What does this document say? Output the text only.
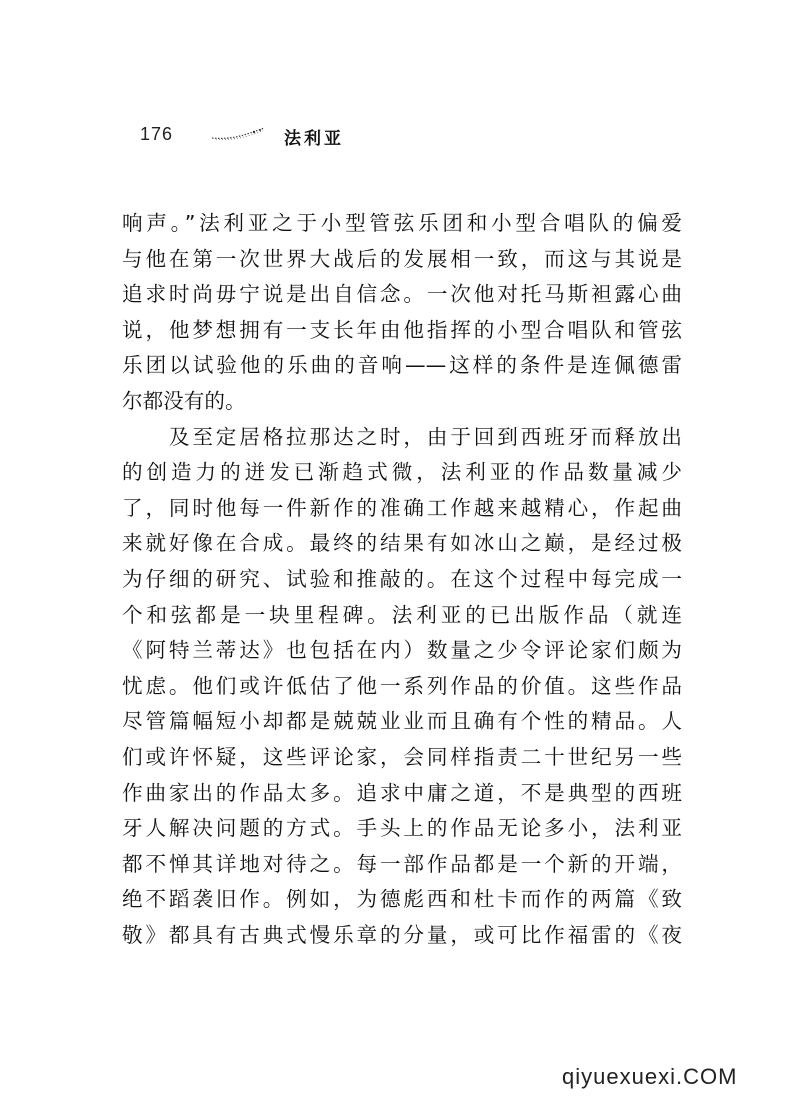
176	法利亚
响声。”法利亚之于小型管弦乐团和小型合唱队的偏爱
与他在第一次世界大战后的发展相一致，而这与其说是
追求时尚毋宁说是出自信念。一次他对托马斯袒露心曲
说，他梦想拥有一支长年由他指挥的小型合唱队和管弦
乐团以试验他的乐曲的音响——这样的条件是连佩德雷
尔都没有的。
　　及至定居格拉那达之时，由于回到西班牙而释放出
的创造力的迸发已渐趋式微，法利亚的作品数量减少
了，同时他每一件新作的准确工作越来越精心，作起曲
来就好像在合成。最终的结果有如冰山之巅，是经过极
为仔细的研究、试验和推敲的。在这个过程中每完成一
个和弦都是一块里程碑。法利亚的已出版作品（就连
《阿特兰蒂达》也包括在内）数量之少令评论家们颇为
忧虑。他们或许低估了他一系列作品的价值。这些作品
尽管篇幅短小却都是兢兢业业而且确有个性的精品。人
们或许怀疑，这些评论家，会同样指责二十世纪另一些
作曲家出的作品太多。追求中庸之道，不是典型的西班
牙人解决问题的方式。手头上的作品无论多小，法利亚
都不惮其详地对待之。每一部作品都是一个新的开端，
绝不蹈袭旧作。例如，为德彪西和杜卡而作的两篇《致
敬》都具有古典式慢乐章的分量，或可比作福雷的《夜
qiyuexuexi.COM
